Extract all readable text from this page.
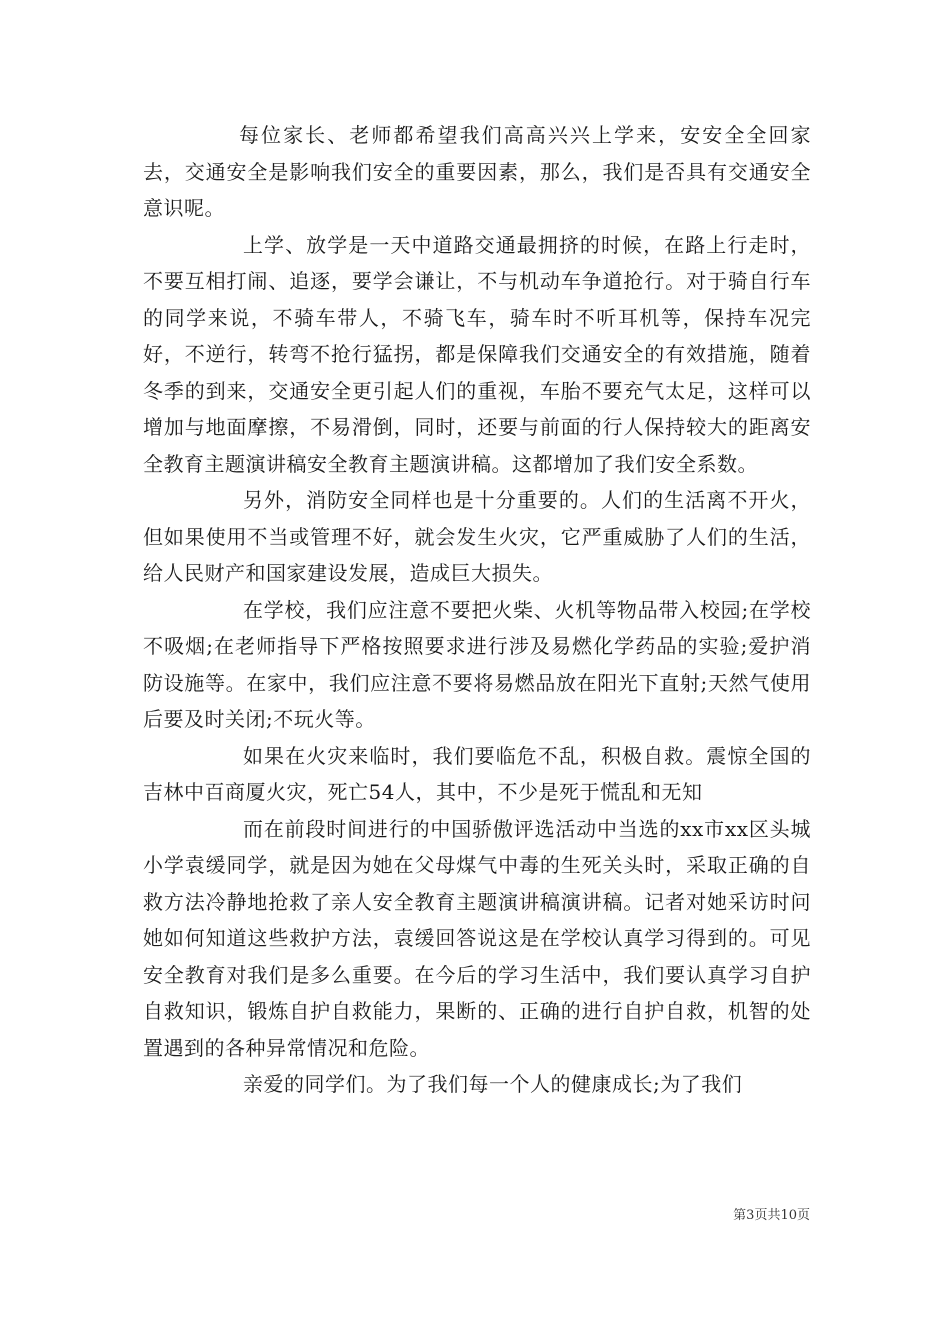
每位家长、老师都希望我们高高兴兴上学来，安安全全回家去，交通安全是影响我们安全的重要因素，那么，我们是否具有交通安全意识呢。

上学、放学是一天中道路交通最拥挤的时候，在路上行走时，不要互相打闹、追逐，要学会谦让，不与机动车争道抢行。对于骑自行车的同学来说，不骑车带人，不骑飞车，骑车时不听耳机等，保持车况完好，不逆行，转弯不抢行猛拐，都是保障我们交通安全的有效措施，随着冬季的到来，交通安全更引起人们的重视，车胎不要充气太足，这样可以增加与地面摩擦，不易滑倒，同时，还要与前面的行人保持较大的距离安全教育主题演讲稿安全教育主题演讲稿。这都增加了我们安全系数。

另外，消防安全同样也是十分重要的。人们的生活离不开火，但如果使用不当或管理不好，就会发生火灾，它严重威胁了人们的生活，给人民财产和国家建设发展，造成巨大损失。

在学校，我们应注意不要把火柴、火机等物品带入校园;在学校不吸烟;在老师指导下严格按照要求进行涉及易燃化学药品的实验;爱护消防设施等。在家中，我们应注意不要将易燃品放在阳光下直射;天然气使用后要及时关闭;不玩火等。

如果在火灾来临时，我们要临危不乱，积极自救。震惊全国的吉林中百商厦火灾，死亡54人，其中，不少是死于慌乱和无知

而在前段时间进行的中国骄傲评选活动中当选的xx市xx区头城小学袁缓同学，就是因为她在父母煤气中毒的生死关头时，采取正确的自救方法冷静地抢救了亲人安全教育主题演讲稿演讲稿。记者对她采访时问她如何知道这些救护方法，袁缓回答说这是在学校认真学习得到的。可见安全教育对我们是多么重要。在今后的学习生活中，我们要认真学习自护自救知识，锻炼自护自救能力，果断的、正确的进行自护自救，机智的处置遇到的各种异常情况和危险。

亲爱的同学们。为了我们每一个人的健康成长;为了我们

第3页共10页
